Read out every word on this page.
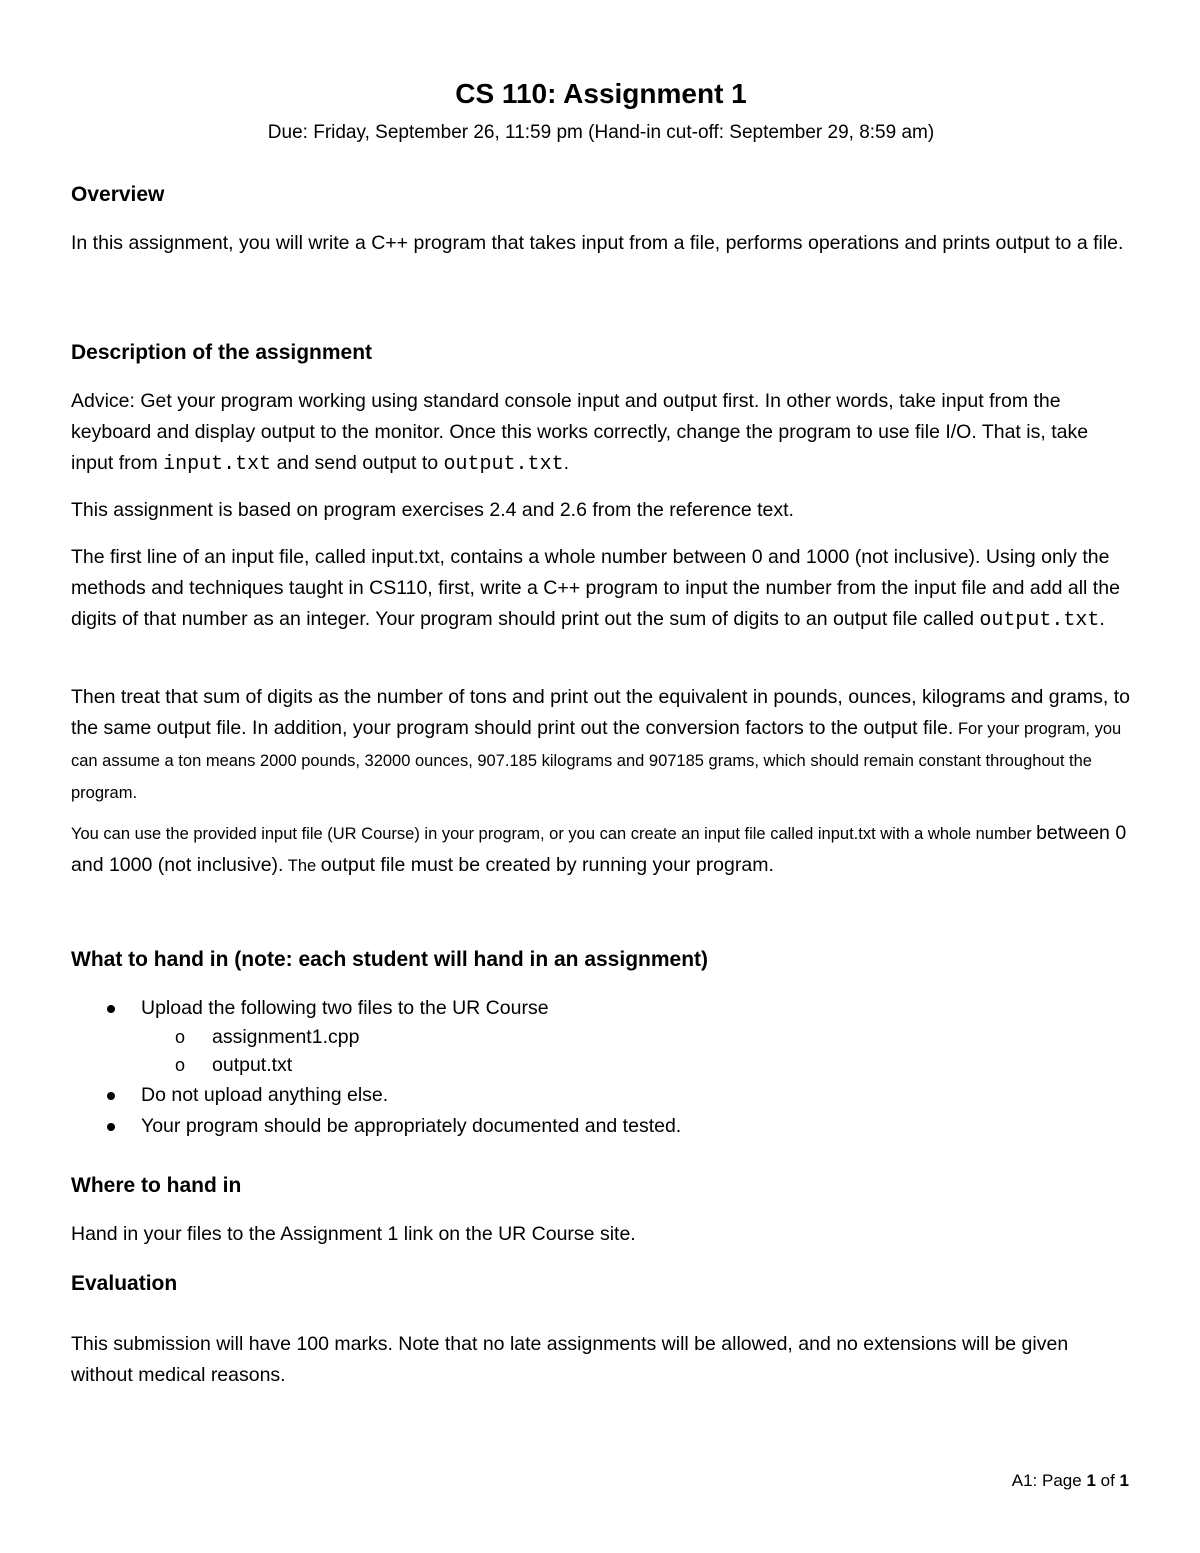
CS 110: Assignment 1

Due: Friday, September 26, 11:59 pm (Hand-in cut-off: September 29, 8:59 am)

Overview

In this assignment, you will write a C++ program that takes input from a file, performs operations and prints output to a file.

Description of the assignment

Advice: Get your program working using standard console input and output first. In other words, take input from the keyboard and display output to the monitor. Once this works correctly, change the program to use file I/O. That is, take input from input.txt and send output to output.txt.

This assignment is based on program exercises 2.4 and 2.6 from the reference text.

The first line of an input file, called input.txt, contains a whole number between 0 and 1000 (not inclusive). Using only the methods and techniques taught in CS110, first, write a C++ program to input the number from the input file and add all the digits of that number as an integer. Your program should print out the sum of digits to an output file called output.txt.

Then treat that sum of digits as the number of tons and print out the equivalent in pounds, ounces, kilograms and grams, to the same output file. In addition, your program should print out the conversion factors to the output file. For your program, you can assume a ton means 2000 pounds, 32000 ounces, 907.185 kilograms and 907185 grams, which should remain constant throughout the program.

You can use the provided input file (UR Course) in your program, or you can create an input file called input.txt with a whole number between 0 and 1000 (not inclusive). The output file must be created by running your program.

What to hand in (note: each student will hand in an assignment)
Upload the following two files to the UR Course
o assignment1.cpp
o output.txt
Do not upload anything else.
Your program should be appropriately documented and tested.
Where to hand in

Hand in your files to the Assignment 1 link on the UR Course site.

Evaluation

This submission will have 100 marks. Note that no late assignments will be allowed, and no extensions will be given without medical reasons.

A1: Page 1 of 1
